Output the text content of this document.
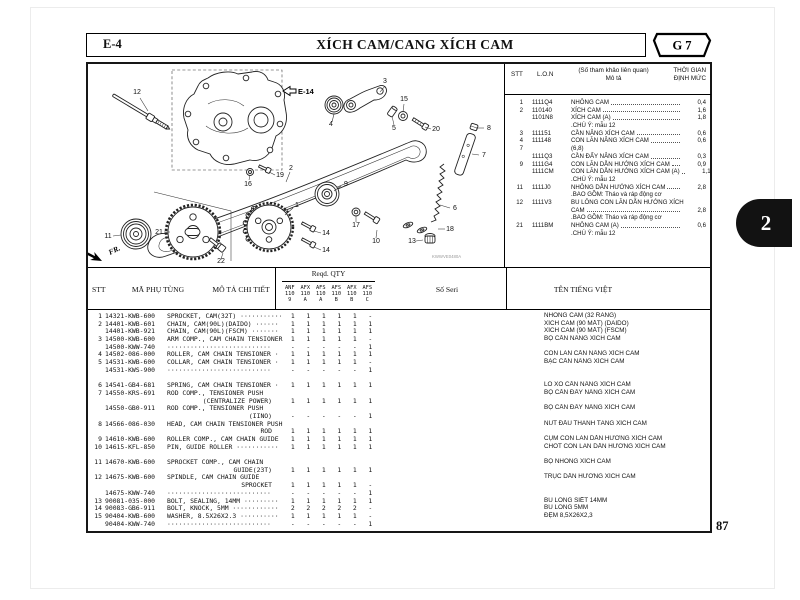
E-4	XÍCH CAM/CANG XÍCH CAM	G 7
E-14
FR.	KWWVE0480A
12
3
15
4
5	20	8
7
6
16
19
2
1
9
17
10
14
14
18
13
11
21
22
STT	L.O.N
(Số tham khảo liên quan)
Mô tả
THỜI GIAN
ĐỊNH MỨC
1	1111Q4	NHÔNG CAM	0,4
2	110140	XÍCH CAM	1,6
1101N8	XÍCH CAM (A)	1,8
.CHÚ Ý: mẫu 12
3	111151	CẦN NÂNG XÍCH CAM	0,6
4	111148	CON LĂN NÂNG XÍCH CAM	0,6
7	(6,8)
1111Q3	CẦN ĐẨY NÂNG XÍCH CAM	0,3
9	1111G4	CON LĂN DẪN HƯỚNG XÍCH CAM	0,9
1111CM	CON LĂN DẪN HƯỚNG XÍCH CAM (A)	1,1
.CHÚ Ý: mẫu 12
11	1111J0	NHÔNG DẪN HƯỚNG XÍCH CAM	2,8
.BAO GỒM: Tháo và ráp động cơ
12	1111V3	BU LÔNG CON LĂN DẪN HƯỚNG XÍCH
CAM	2,8
.BAO GỒM: Tháo và ráp động cơ
21	1111BM	NHÔNG CAM (A)	0,6
.CHÚ Ý: mẫu 12
STT	MÃ PHỤ TÙNG	MÔ TẢ CHI TIẾT
Reqd. QTY
Số Seri	TÊN TIẾNG VIỆT
ANF
110
9
AFX
110
A
AFS
110
A
AFS
110
B
AFX
110
B
AFS
110
C
1 14321-KWB-600	SPROCKET, CAM(32T) ···········	1	1	1	1	1	-	NHÔNG CAM (32 RĂNG)
2 14401-KWB-601	CHAIN, CAM(90L)(DAIDO) ······	1	1	1	1	1	1	XÍCH CAM (90 MẮT) (DAIDO)
14401-KWB-921	CHAIN, CAM(90L)(FSCM) ·······	1	1	1	1	1	1	XÍCH CAM (90 MẮT) (FSCM)
3 14500-KWB-600	ARM COMP., CAM CHAIN TENSIONER	1	1	1	1	1	-	BỘ CẦN NÂNG XÍCH CAM
14500-KWW-740	···························	-	-	-	-	-	1
4 14502-086-000	ROLLER, CAM CHAIN TENSIONER ·	1	1	1	1	1	1	CON LĂN CẦN NÂNG XÍCH CAM
5 14531-KWB-600	COLLAR, CAM CHAIN TENSIONER ·	1	1	1	1	1	-	BẠC CẦN NÂNG XÍCH CAM
14531-KWS-900	···························	-	-	-	-	-	1
6 14541-GB4-681	SPRING, CAM CHAIN TENSIONER ·	1	1	1	1	1	1	LÒ XO CẦN NÂNG XÍCH CAM
7 14550-KRS-691	ROD COMP., TENSIONER PUSH	BỘ CẦN ĐẨY NÂNG XÍCH CAM
(CENTRALIZE POWER)	1	1	1	1	1	1
14550-GB0-911	ROD COMP., TENSIONER PUSH	BỘ CẦN ĐẨY NÂNG XÍCH CAM
(IINO)	-	-	-	-	-	1
8 14566-086-030	HEAD, CAM CHAIN TENSIONER PUSH	NÚT ĐẦU THANH TĂNG XÍCH CAM
ROD	1	1	1	1	1	1
9 14610-KWB-600	ROLLER COMP., CAM CHAIN GUIDE	1	1	1	1	1	1	CỤM CON LĂN DẪN HƯỚNG XÍCH CAM
10 14615-KFL-850	PIN, GUIDE ROLLER ···········	1	1	1	1	1	1	CHỐT CON LĂN DẪN HƯỚNG XÍCH CAM
11 14670-KWB-600	SPROCKET COMP., CAM CHAIN	BỘ NHÔNG XÍCH CAM
GUIDE(23T)	1	1	1	1	1	1
12 14675-KWB-600	SPINDLE, CAM CHAIN GUIDE	TRỤC DẪN HƯỚNG XÍCH CAM
SPROCKET	1	1	1	1	1	-
14675-KWW-740	···························	-	-	-	-	-	1
13 90081-035-000	BOLT, SEALING, 14MM ·········	1	1	1	1	1	1	BU LÔNG SIẾT 14MM
14 90083-GB6-911	BOLT, KNOCK, 5MM ············	2	2	2	2	2	-	BU LÔNG 5MM
15 90404-KWB-600	WASHER, 8.5X26X2.3 ··········	1	1	1	1	1	-	ĐỆM 8,5X26X2,3
90404-KWW-740	···························	-	-	-	-	-	1
2
87
